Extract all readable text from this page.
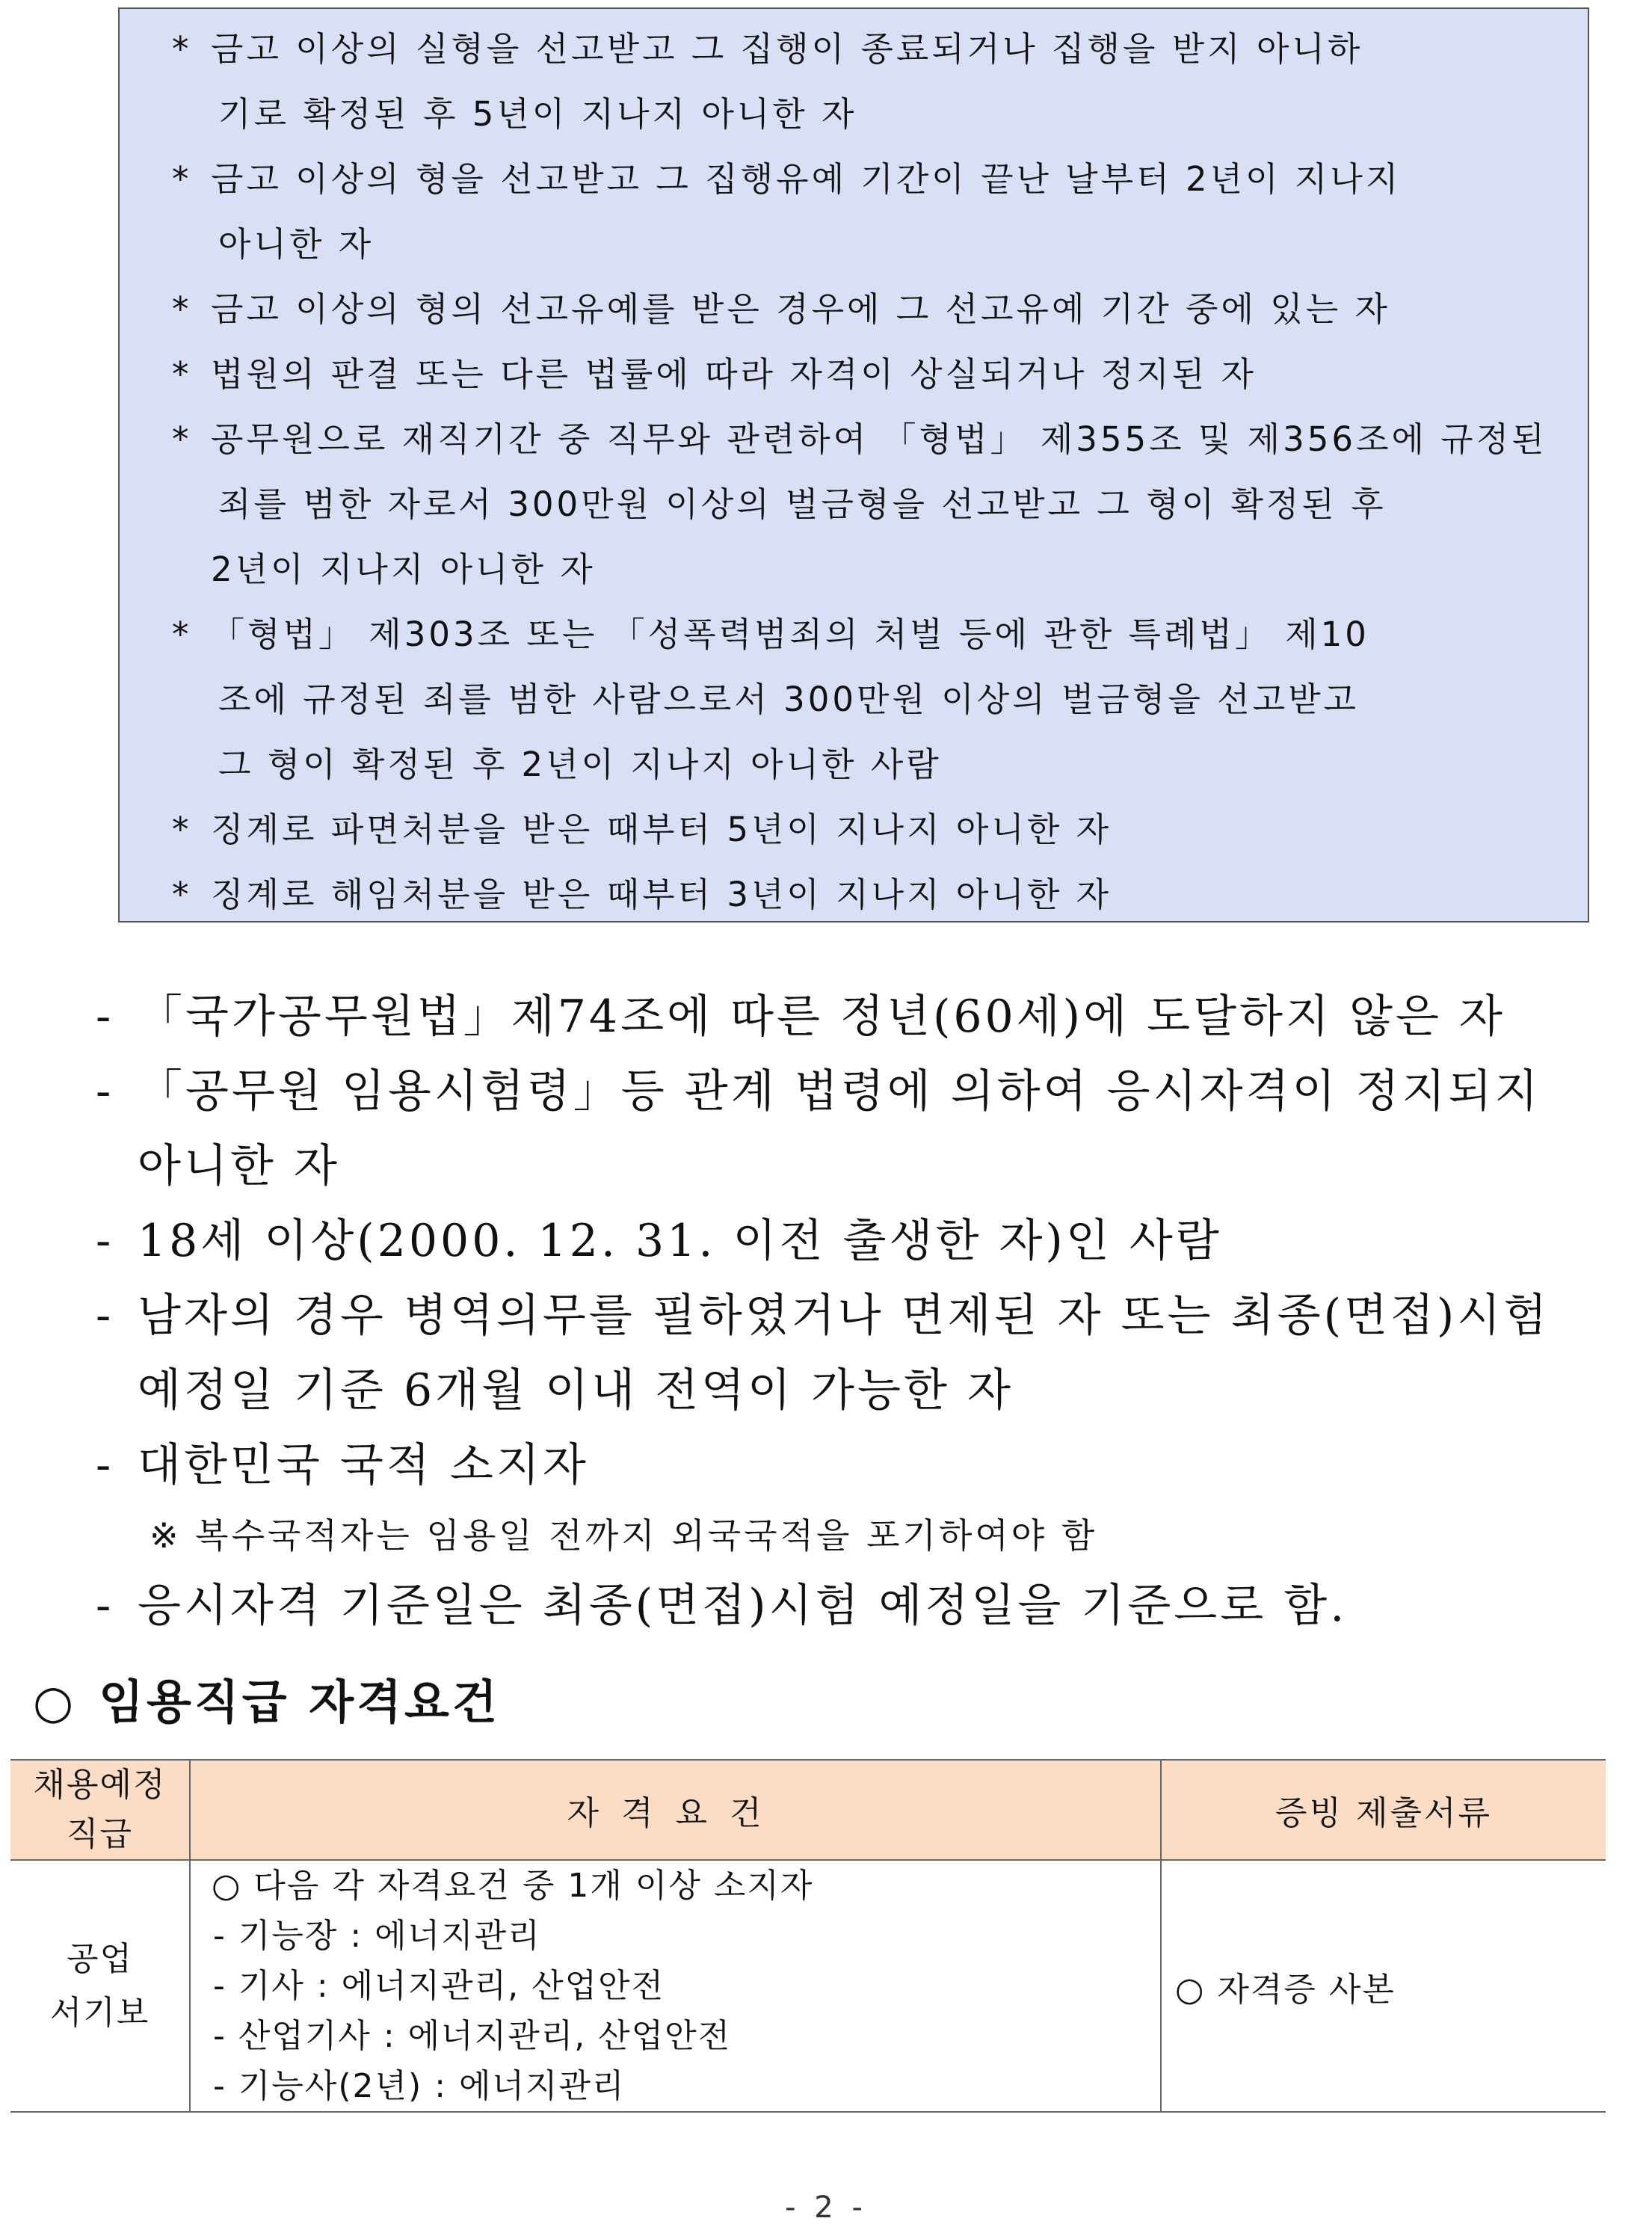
* 금고 이상의 실형을 선고받고 그 집행이 종료되거나 집행을 받지 아니하
기로 확정된 후 5년이 지나지 아니한 자
* 금고 이상의 형을 선고받고 그 집행유예 기간이 끝난 날부터 2년이 지나지
아니한 자
* 금고 이상의 형의 선고유예를 받은 경우에 그 선고유예 기간 중에 있는 자
* 법원의 판결 또는 다른 법률에 따라 자격이 상실되거나 정지된 자
* 공무원으로 재직기간 중 직무와 관련하여 「형법」 제355조 및 제356조에 규정된
죄를 범한 자로서 300만원 이상의 벌금형을 선고받고 그 형이 확정된 후
2년이 지나지 아니한 자
* 「형법」 제303조 또는 「성폭력범죄의 처벌 등에 관한 특례법」 제10
조에 규정된 죄를 범한 사람으로서 300만원 이상의 벌금형을 선고받고
그 형이 확정된 후 2년이 지나지 아니한 사람
* 징계로 파면처분을 받은 때부터 5년이 지나지 아니한 자
* 징계로 해임처분을 받은 때부터 3년이 지나지 아니한 자
- 「국가공무원법」제74조에 따른 정년(60세)에 도달하지 않은 자
- 「공무원 임용시험령」등 관계 법령에 의하여 응시자격이 정지되지
아니한 자
- 18세 이상(2000. 12. 31. 이전 출생한 자)인 사람
- 남자의 경우 병역의무를 필하였거나 면제된 자 또는 최종(면접)시험
예정일 기준 6개월 이내 전역이 가능한 자
- 대한민국 국적 소지자
※ 복수국적자는 임용일 전까지 외국국적을 포기하여야 함
- 응시자격 기준일은 최종(면접)시험 예정일을 기준으로 함.
○ 임용직급 자격요건
채용예정
직급	자격요건	증빙 제출서류
공업
서기보	○ 다음 각 자격요건 중 1개 이상 소지자
- 기능장 : 에너지관리
- 기사 : 에너지관리, 산업안전
- 산업기사 : 에너지관리, 산업안전
- 기능사(2년) : 에너지관리	○ 자격증 사본
- 2 -
